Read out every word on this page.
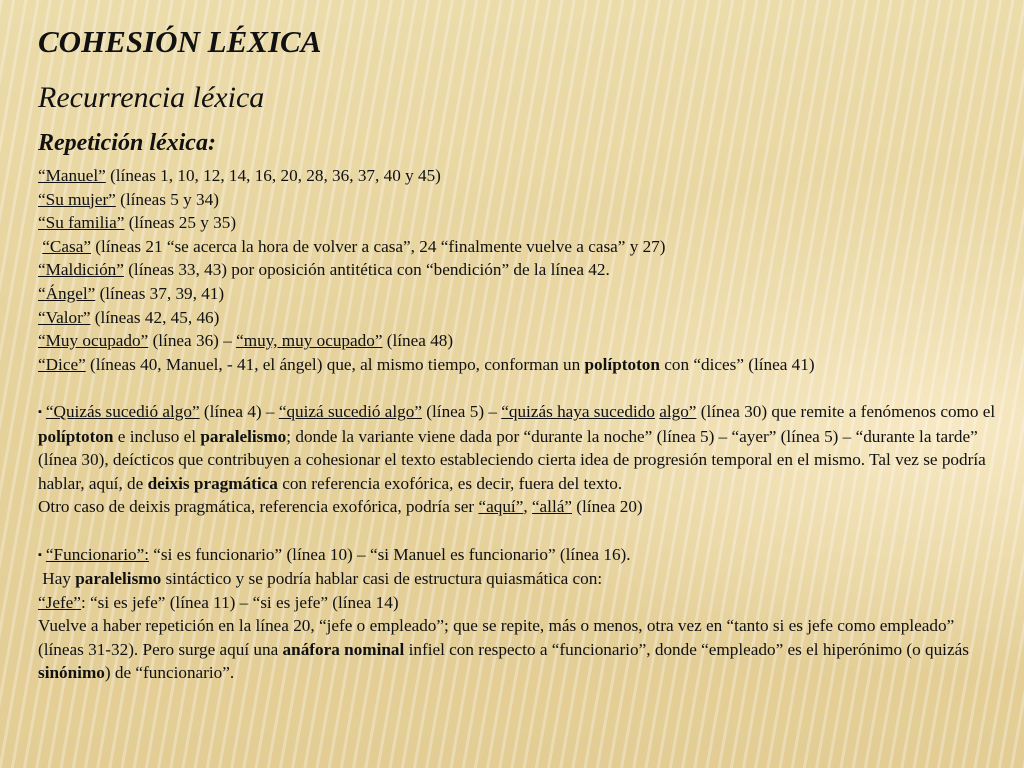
COHESIÓN LÉXICA
Recurrencia léxica
Repetición léxica:
“Manuel” (líneas 1, 10, 12, 14, 16, 20, 28, 36, 37, 40 y 45)
“Su mujer” (líneas 5 y 34)
“Su familia” (líneas 25 y 35)
“Casa” (líneas 21 “se acerca la hora de volver a casa”, 24 “finalmente vuelve a casa” y 27)
“Maldición” (líneas 33, 43) por oposición antitética con “bendición” de la línea 42.
“Ángel” (líneas 37, 39, 41)
“Valor” (líneas 42, 45, 46)
“Muy ocupado” (línea 36) – “muy, muy ocupado” (línea 48)
“Dice” (líneas 40, Manuel, - 41, el ángel) que, al mismo tiempo, conforman un políptoton con “dices” (línea 41)
▪ “Quizás sucedió algo” (línea 4) – “quizá sucedió algo” (línea 5) – “quizás haya sucedido algo” (línea 30) que remite a fenómenos como el políptoton e incluso el paralelismo; donde la variante viene dada por “durante la noche” (línea 5) – “ayer” (línea 5) – “durante la tarde” (línea 30), deícticos que contribuyen a cohesionar el texto estableciendo cierta idea de progresión temporal en el mismo. Tal vez se podría hablar, aquí, de deixis pragmática con referencia exofórica, es decir, fuera del texto.
Otro caso de deixis pragmática, referencia exofórica, podría ser “aquí”, “allá” (línea 20)
▪ “Funcionario”: “si es funcionario” (línea 10) – “si Manuel es funcionario” (línea 16).
Hay paralelismo sintáctico y se podría hablar casi de estructura quiasmática con:
“Jefe”: “si es jefe” (línea 11) – “si es jefe” (línea 14)
Vuelve a haber repetición en la línea 20, “jefe o empleado”; que se repite, más o menos, otra vez en “tanto si es jefe como empleado” (líneas 31-32). Pero surge aquí una anáfora nominal infiel con respecto a “funcionario”, donde “empleado” es el hiperónimo (o quizás sinónimo) de “funcionario”.
